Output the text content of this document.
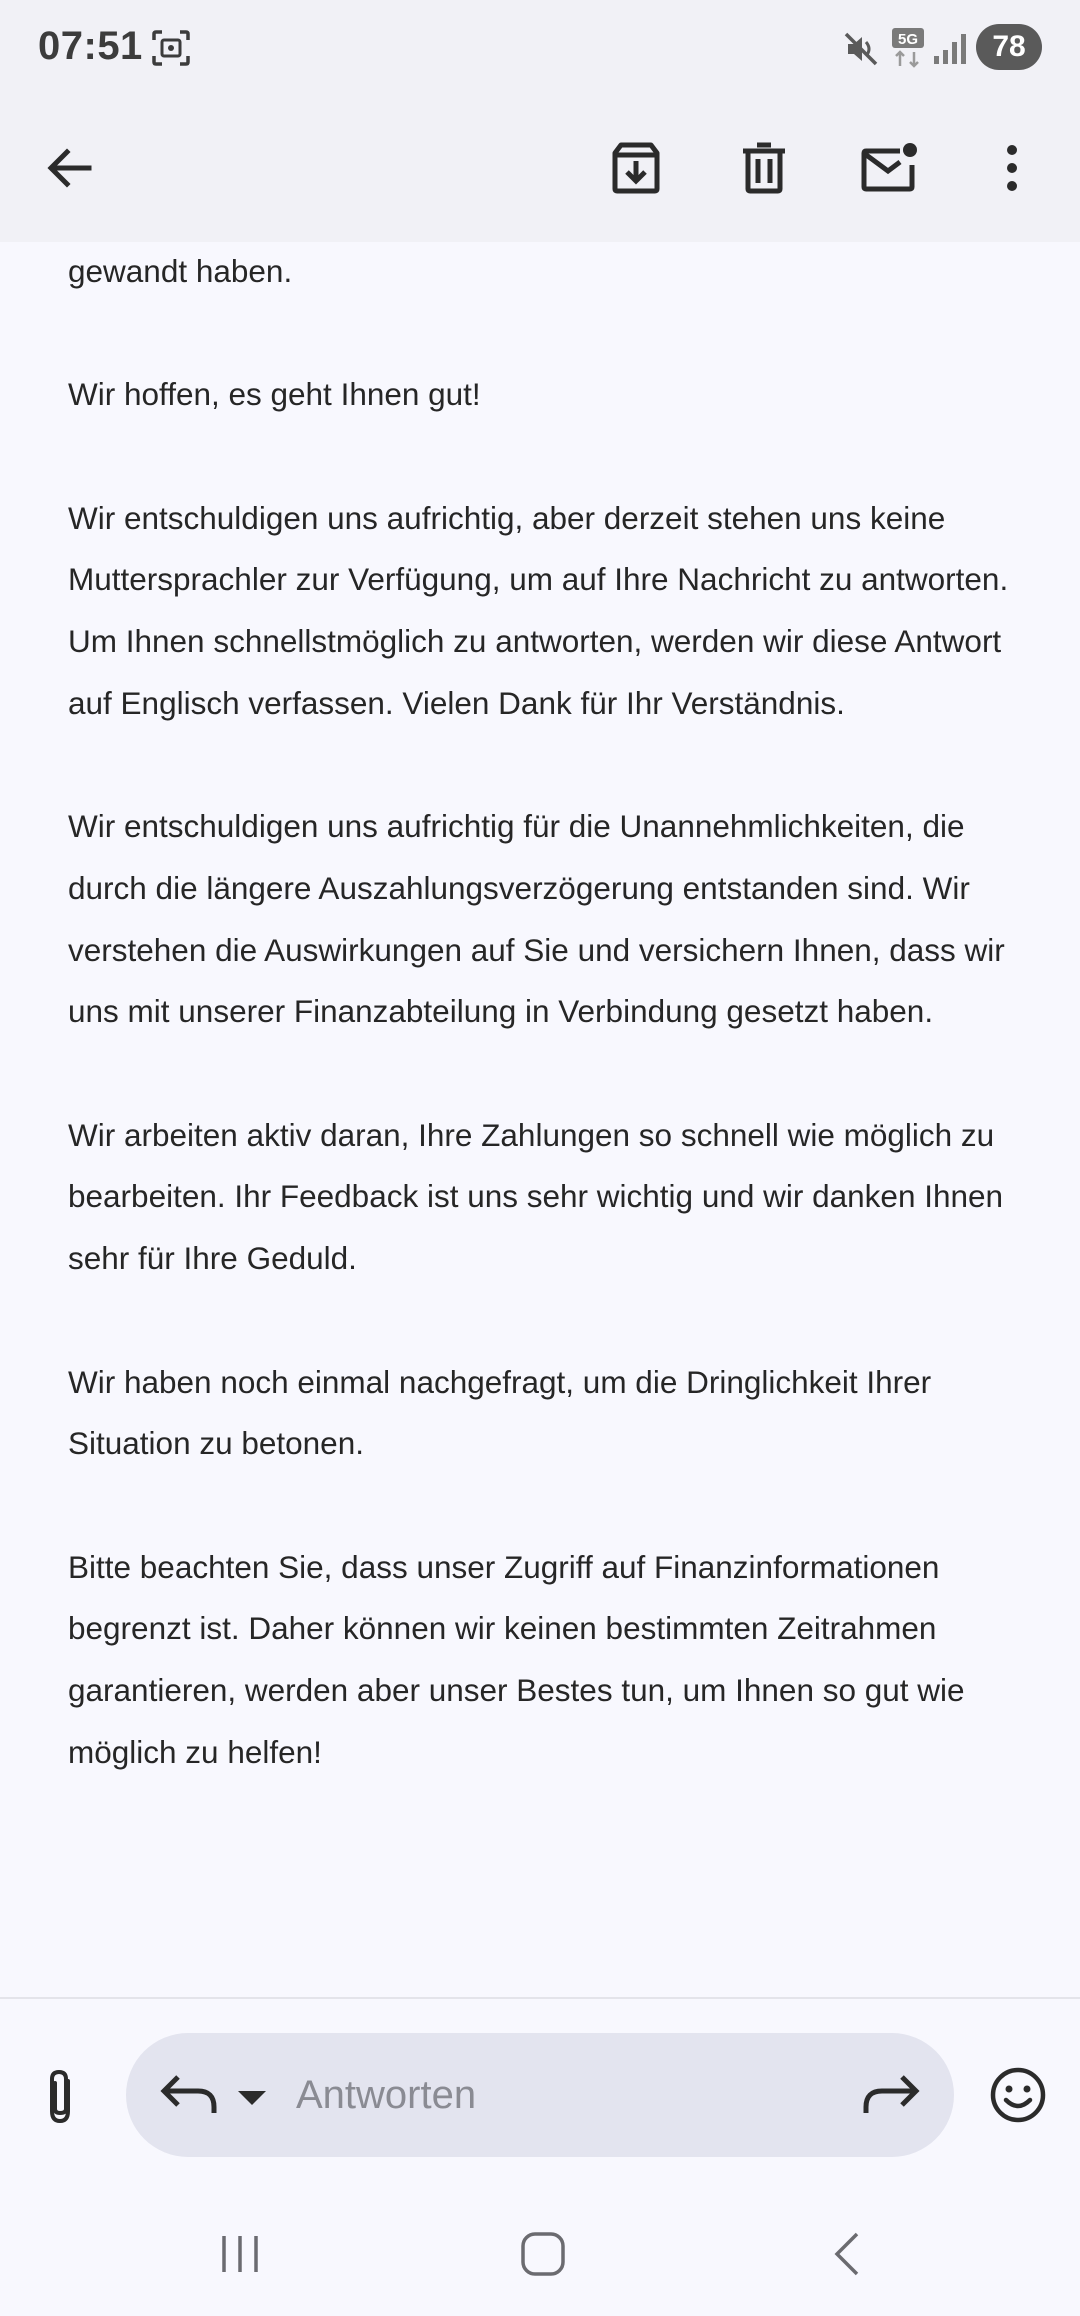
07:51	5G	78

gewandt haben.

Wir hoffen, es geht Ihnen gut!

Wir entschuldigen uns aufrichtig, aber derzeit stehen uns keine Muttersprachler zur Verfügung, um auf Ihre Nachricht zu antworten. Um Ihnen schnellstmöglich zu antworten, werden wir diese Antwort auf Englisch verfassen. Vielen Dank für Ihr Verständnis.

Wir entschuldigen uns aufrichtig für die Unannehmlichkeiten, die durch die längere Auszahlungsverzögerung entstanden sind. Wir verstehen die Auswirkungen auf Sie und versichern Ihnen, dass wir uns mit unserer Finanzabteilung in Verbindung gesetzt haben.

Wir arbeiten aktiv daran, Ihre Zahlungen so schnell wie möglich zu bearbeiten. Ihr Feedback ist uns sehr wichtig und wir danken Ihnen sehr für Ihre Geduld.

Wir haben noch einmal nachgefragt, um die Dringlichkeit Ihrer Situation zu betonen.

Bitte beachten Sie, dass unser Zugriff auf Finanzinformationen begrenzt ist. Daher können wir keinen bestimmten Zeitrahmen garantieren, werden aber unser Bestes tun, um Ihnen so gut wie möglich zu helfen!

Antworten
